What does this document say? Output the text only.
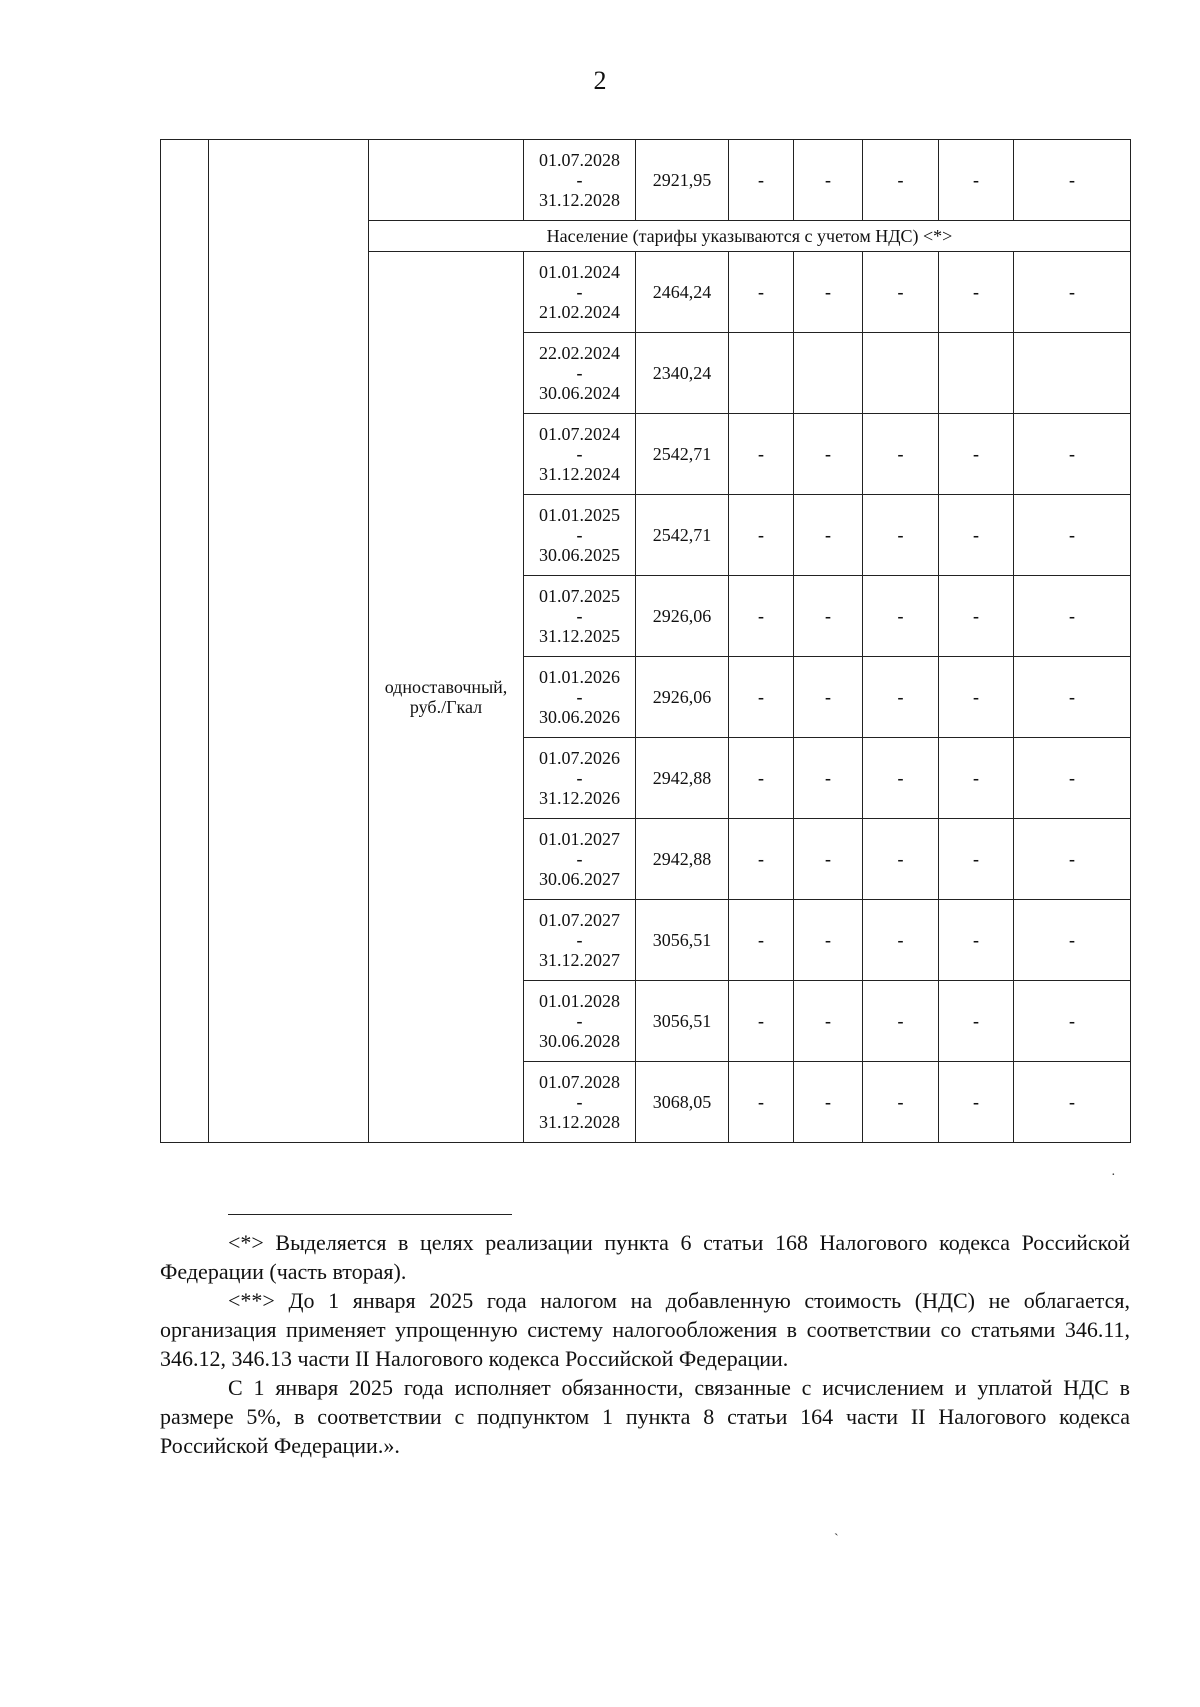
2

			01.07.2028
-
31.12.2028	2921,95	-	-	-	-	-
		Население (тарифы указываются с учетом НДС) <*>							

		одноставочный,
руб./Гкал	01.01.2024
-
21.02.2024	2464,24	-	-	-	-	-

			22.02.2024
-
30.06.2024	2340,24					

			01.07.2024
-
31.12.2024	2542,71	-	-	-	-	-

			01.01.2025
-
30.06.2025	2542,71	-	-	-	-	-

			01.07.2025
-
31.12.2025	2926,06	-	-	-	-	-

			01.01.2026
-
30.06.2026	2926,06	-	-	-	-	-

			01.07.2026
-
31.12.2026	2942,88	-	-	-	-	-

			01.01.2027
-
30.06.2027	2942,88	-	-	-	-	-

			01.07.2027
-
31.12.2027	3056,51	-	-	-	-	-

			01.01.2028
-
30.06.2028	3056,51	-	-	-	-	-

			01.07.2028
-
31.12.2028	3068,05	-	-	-	-	-

<*> Выделяется в целях реализации пункта 6 статьи 168 Налогового кодекса Российской Федерации (часть вторая).

<**> До 1 января 2025 года налогом на добавленную стоимость (НДС) не облагается, организация применяет упрощенную систему налогообложения в соответствии со статьями 346.11, 346.12, 346.13 части II Налогового кодекса Российской Федерации.

С 1 января 2025 года исполняет обязанности, связанные с исчислением и уплатой НДС в размере 5%, в соответствии с подпунктом 1 пункта 8 статьи 164 части II Налогового кодекса Российской Федерации.».

·
`
